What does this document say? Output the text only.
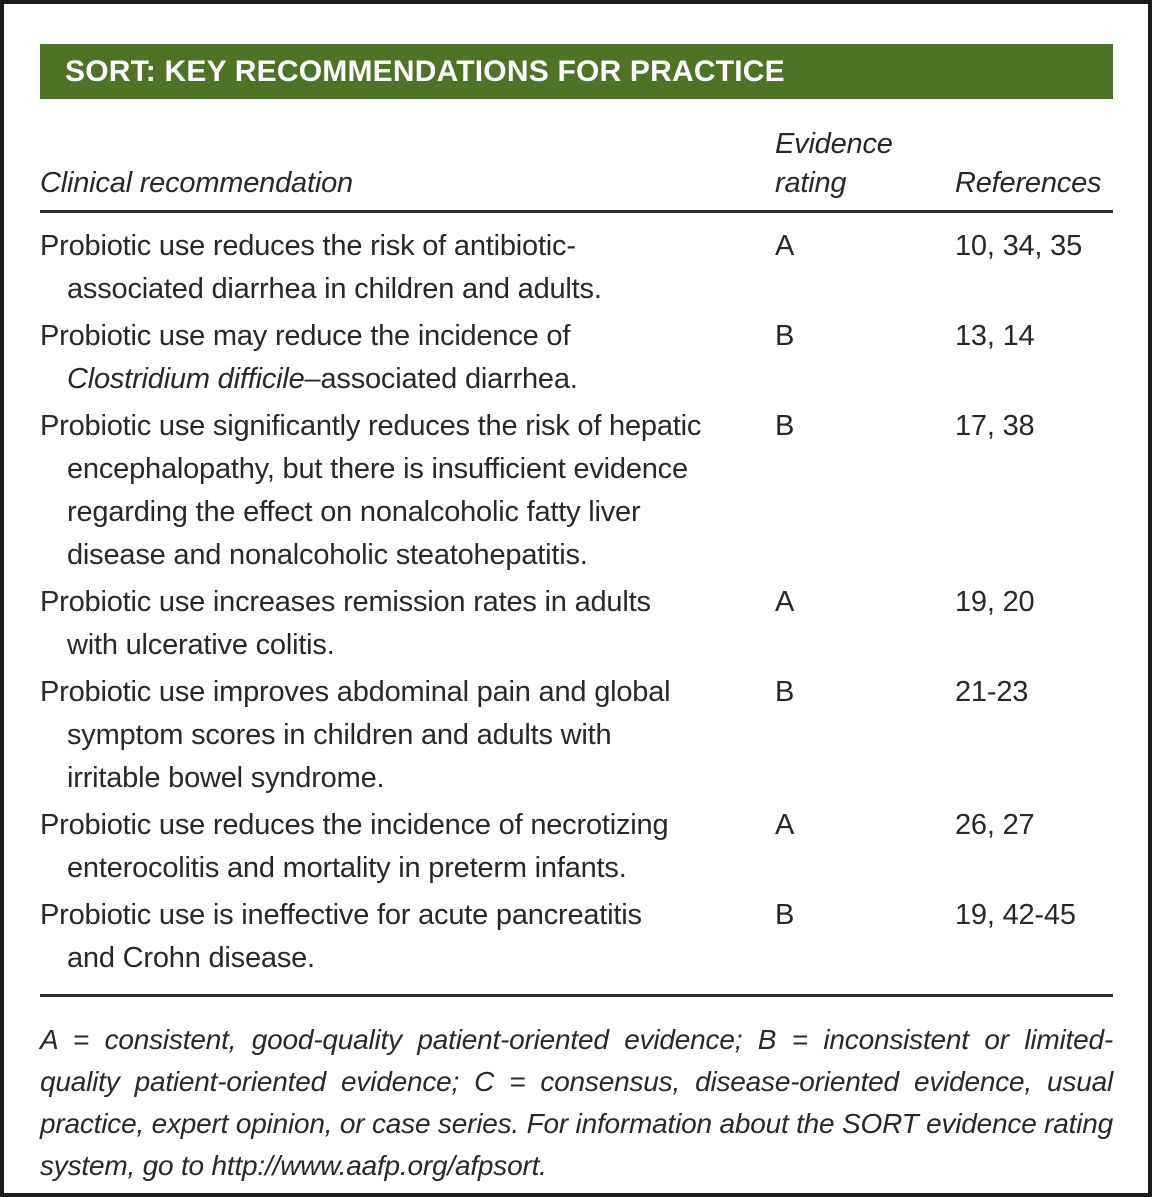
SORT: KEY RECOMMENDATIONS FOR PRACTICE
Clinical recommendation
Evidence
rating	References
Probiotic use reduces the risk of antibiotic-
associated diarrhea in children and adults.
A	10, 34, 35
Probiotic use may reduce the incidence of
Clostridium difficile–associated diarrhea.
B	13, 14
Probiotic use significantly reduces the risk of hepatic
encephalopathy, but there is insufficient evidence
regarding the effect on nonalcoholic fatty liver
disease and nonalcoholic steatohepatitis.
B	17, 38
Probiotic use increases remission rates in adults
with ulcerative colitis.
A	19, 20
Probiotic use improves abdominal pain and global
symptom scores in children and adults with
irritable bowel syndrome.
B	21-23
Probiotic use reduces the incidence of necrotizing
enterocolitis and mortality in preterm infants.
A	26, 27
Probiotic use is ineffective for acute pancreatitis
and Crohn disease.
B	19, 42-45
A = consistent, good-quality patient-oriented evidence; B = inconsistent or limited-quality patient-oriented evidence; C = consensus, disease-oriented evidence, usual practice, expert opinion, or case series. For information about the SORT evidence rating system, go to http://www.aafp.org/afpsort.
